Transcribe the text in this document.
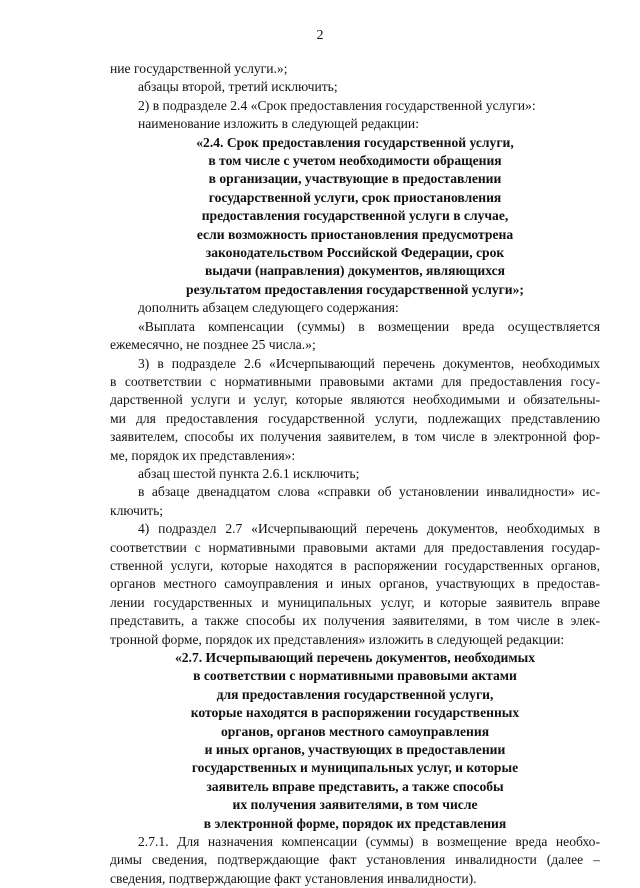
2
ние государственной услуги.»;
абзацы второй, третий исключить;
2) в подразделе 2.4 «Срок предоставления государственной услуги»:
наименование изложить в следующей редакции:
«2.4. Срок предоставления государственной услуги,
в том числе с учетом необходимости обращения
в организации, участвующие в предоставлении
государственной услуги, срок приостановления
предоставления государственной услуги в случае,
если возможность приостановления предусмотрена
законодательством Российской Федерации, срок
выдачи (направления) документов, являющихся
результатом предоставления государственной услуги»;
дополнить абзацем следующего содержания:
«Выплата компенсации (суммы) в возмещении вреда осуществляется
ежемесячно, не позднее 25 числа.»;
3) в подразделе 2.6 «Исчерпывающий перечень документов, необходимых
в соответствии с нормативными правовыми актами для предоставления госу-
дарственной услуги и услуг, которые являются необходимыми и обязательны-
ми для предоставления государственной услуги, подлежащих представлению
заявителем, способы их получения заявителем, в том числе в электронной фор-
ме, порядок их представления»:
абзац шестой пункта 2.6.1 исключить;
в абзаце двенадцатом слова «справки об установлении инвалидности» ис-
ключить;
4) подраздел 2.7 «Исчерпывающий перечень документов, необходимых в
соответствии с нормативными правовыми актами для предоставления государ-
ственной услуги, которые находятся в распоряжении государственных органов,
органов местного самоуправления и иных органов, участвующих в предостав-
лении государственных и муниципальных услуг, и которые заявитель вправе
представить, а также способы их получения заявителями, в том числе в элек-
тронной форме, порядок их представления» изложить в следующей редакции:
«2.7. Исчерпывающий перечень документов, необходимых
в соответствии с нормативными правовыми актами
для предоставления государственной услуги,
которые находятся в распоряжении государственных
органов, органов местного самоуправления
и иных органов, участвующих в предоставлении
государственных и муниципальных услуг, и которые
заявитель вправе представить, а также способы
их получения заявителями, в том числе
в электронной форме, порядок их представления
2.7.1. Для назначения компенсации (суммы) в возмещение вреда необхо-
димы сведения, подтверждающие факт установления инвалидности (далее –
сведения, подтверждающие факт установления инвалидности).
